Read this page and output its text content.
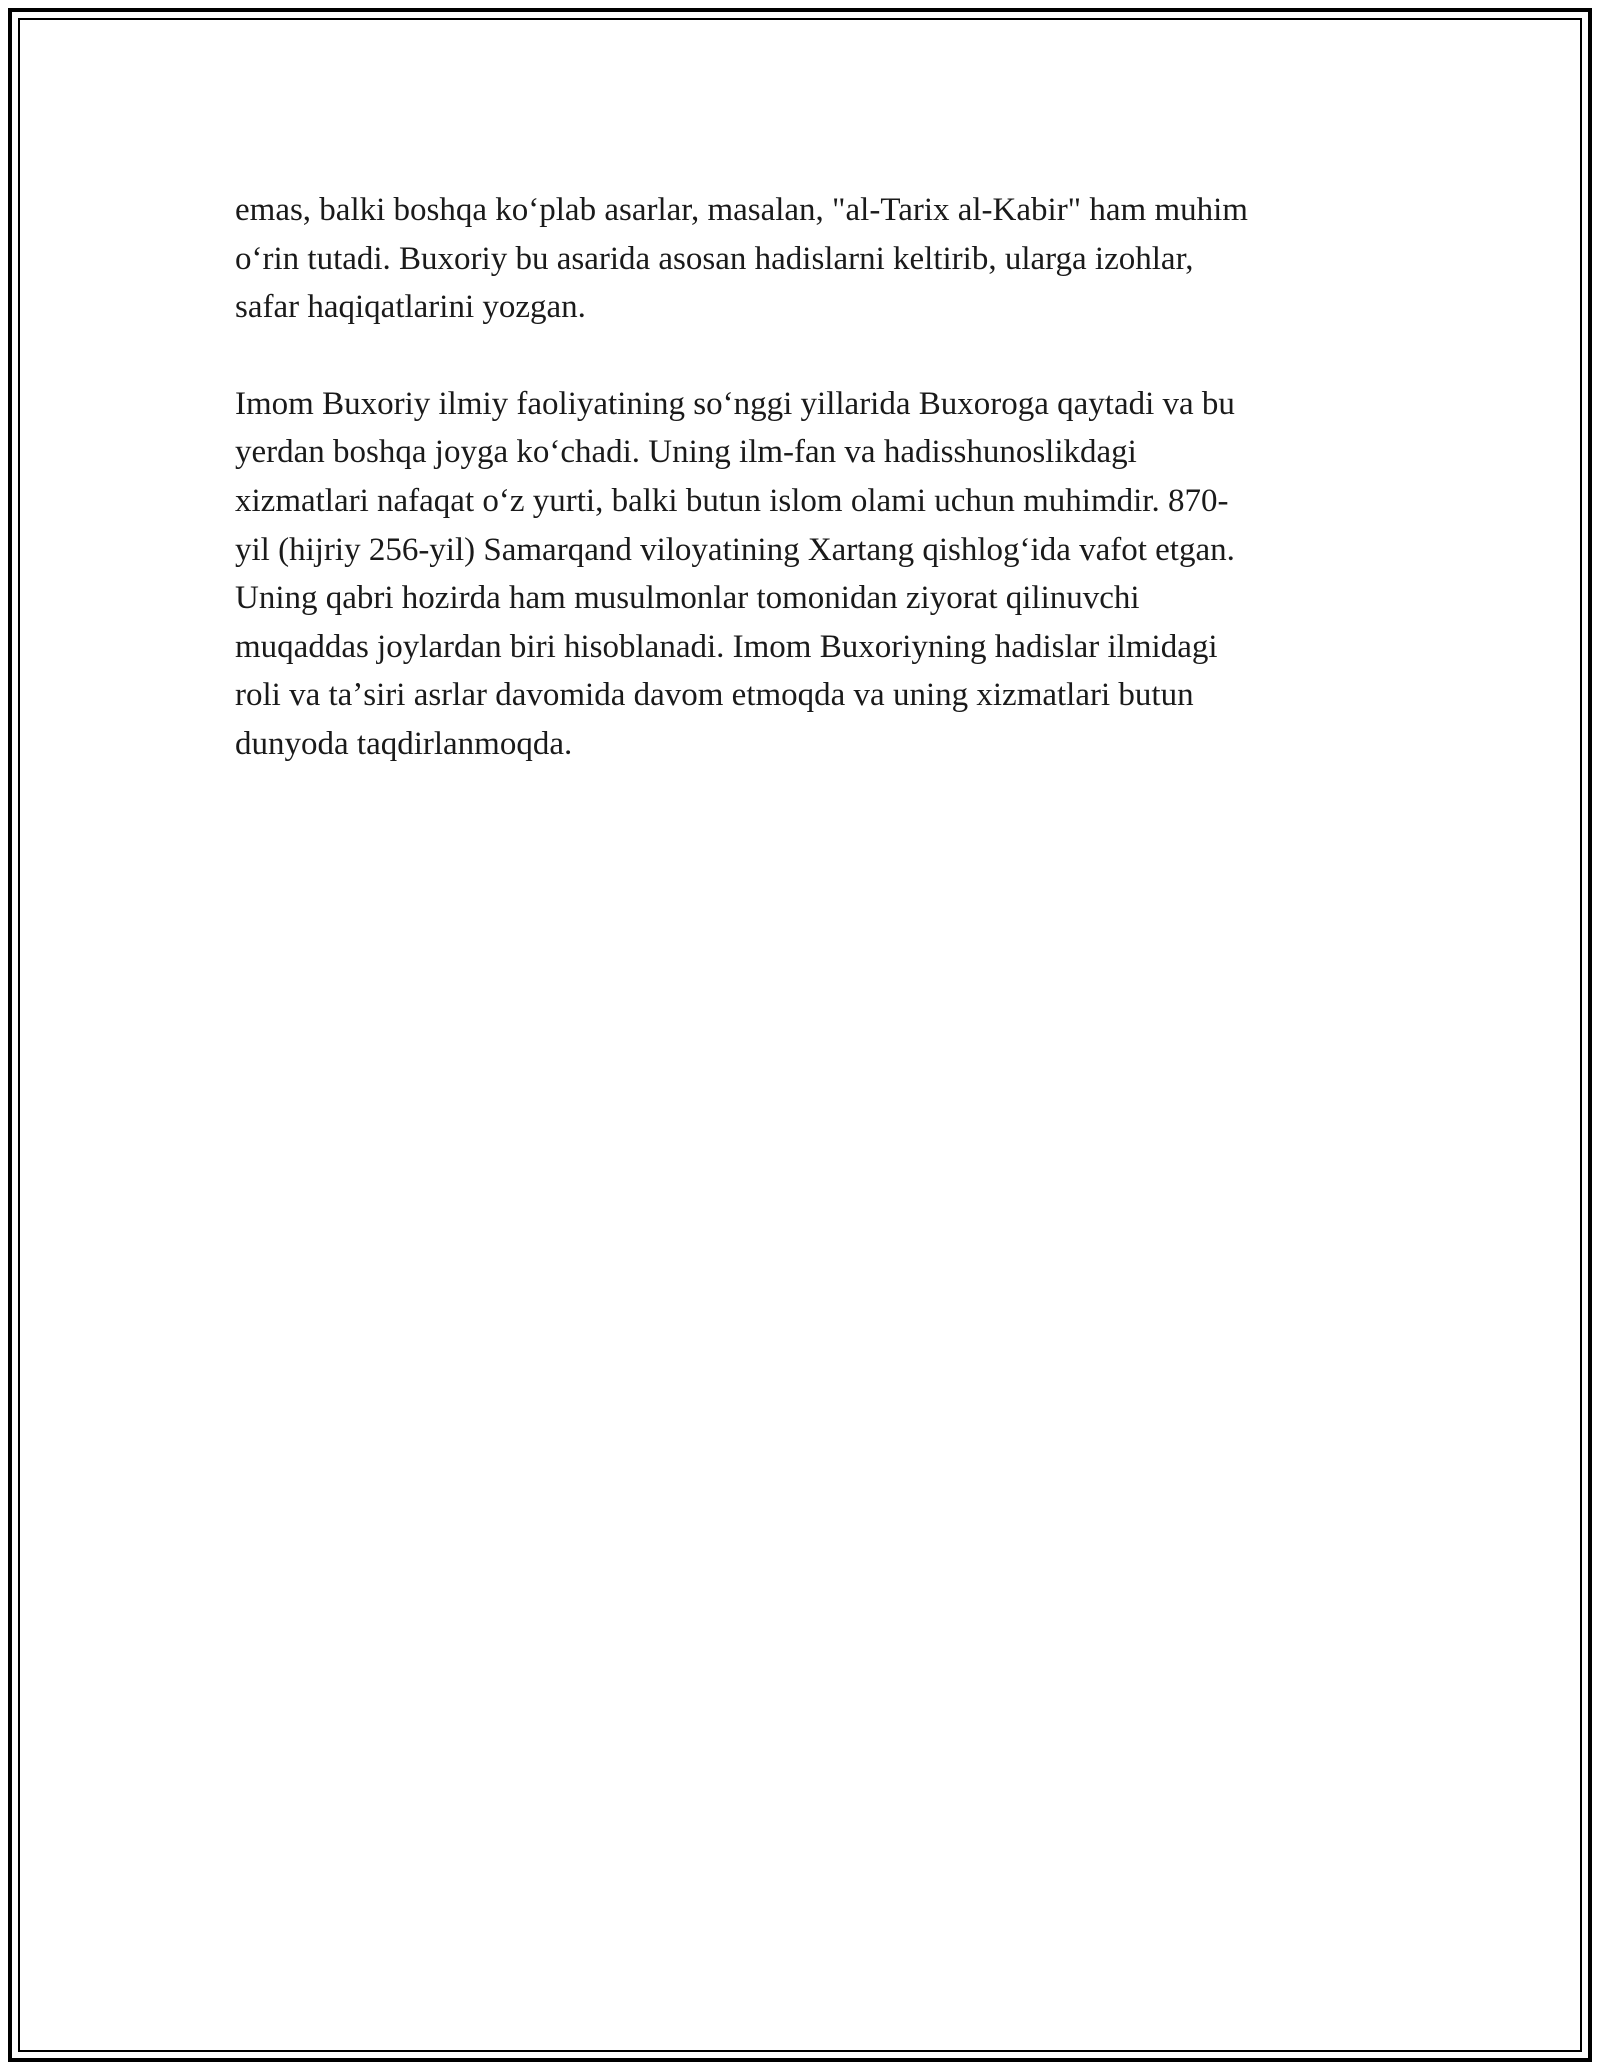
emas, balki boshqa koʻplab asarlar, masalan, "al-Tarix al-Kabir" ham muhim
oʻrin tutadi. Buxoriy bu asarida asosan hadislarni keltirib, ularga izohlar,
safar haqiqatlarini yozgan.
Imom Buxoriy ilmiy faoliyatining soʻnggi yillarida Buxoroga qaytadi va bu
yerdan boshqa joyga koʻchadi. Uning ilm-fan va hadisshunoslikdagi
xizmatlari nafaqat oʻz yurti, balki butun islom olami uchun muhimdir. 870-
yil (hijriy 256-yil) Samarqand viloyatining Xartang qishlogʻida vafot etgan.
Uning qabri hozirda ham musulmonlar tomonidan ziyorat qilinuvchi
muqaddas joylardan biri hisoblanadi. Imom Buxoriyning hadislar ilmidagi
roli va taʼsiri asrlar davomida davom etmoqda va uning xizmatlari butun
dunyoda taqdirlanmoqda.
